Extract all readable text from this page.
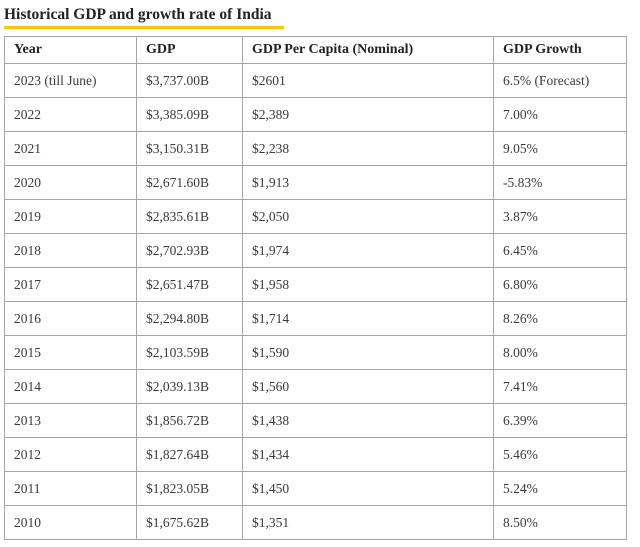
Historical GDP and growth rate of India
Year	GDP	GDP Per Capita (Nominal)	GDP Growth
2023 (till June)	$3,737.00B	$2601	6.5% (Forecast)
2022	$3,385.09B	$2,389	7.00%
2021	$3,150.31B	$2,238	9.05%
2020	$2,671.60B	$1,913	-5.83%
2019	$2,835.61B	$2,050	3.87%
2018	$2,702.93B	$1,974	6.45%
2017	$2,651.47B	$1,958	6.80%
2016	$2,294.80B	$1,714	8.26%
2015	$2,103.59B	$1,590	8.00%
2014	$2,039.13B	$1,560	7.41%
2013	$1,856.72B	$1,438	6.39%
2012	$1,827.64B	$1,434	5.46%
2011	$1,823.05B	$1,450	5.24%
2010	$1,675.62B	$1,351	8.50%
